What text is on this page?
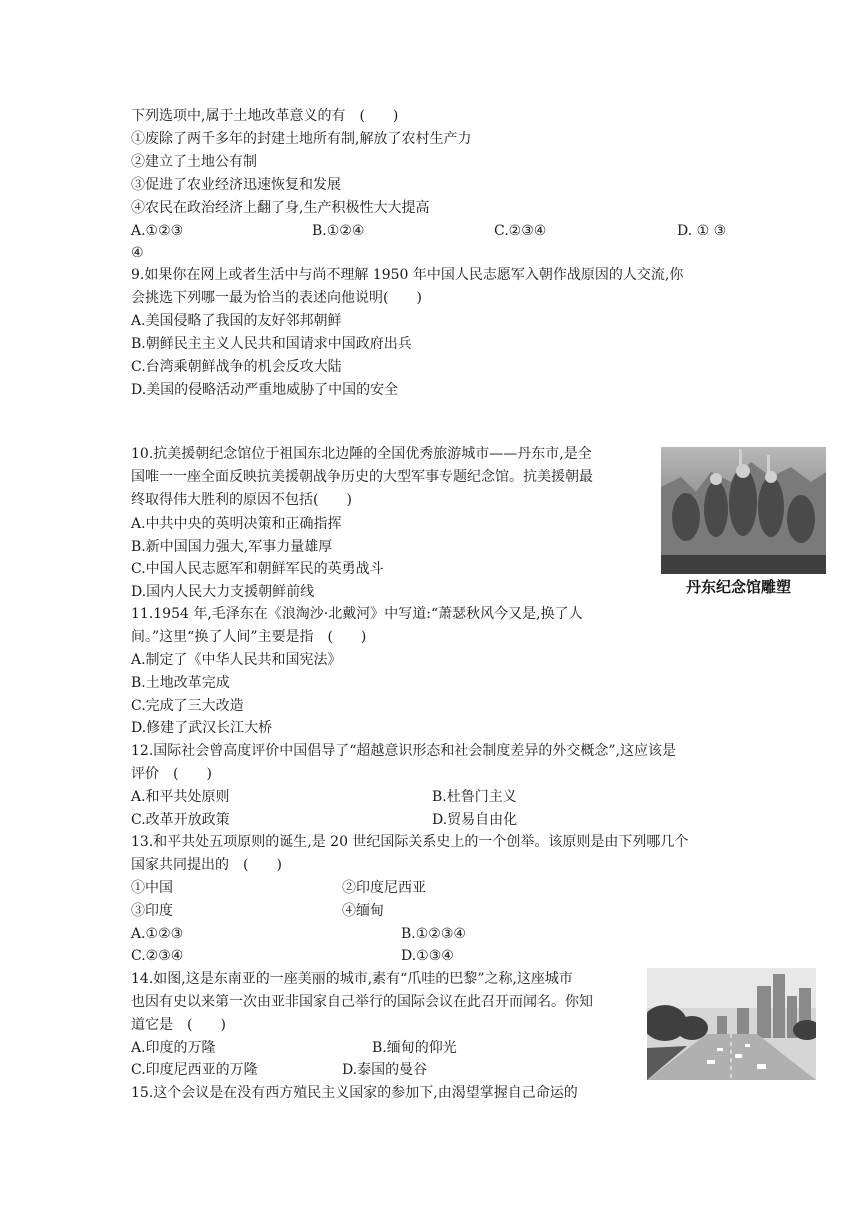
下列选项中,属于土地改革意义的有　(　　)
①废除了两千多年的封建土地所有制,解放了农村生产力
②建立了土地公有制
③促进了农业经济迅速恢复和发展
④农民在政治经济上翻了身,生产积极性大大提高
A.①②③	B.①②④	C.②③④	D. ① ③
④
9.如果你在网上或者生活中与尚不理解 1950 年中国人民志愿军入朝作战原因的人交流,你
会挑选下列哪一最为恰当的表述向他说明(　　)
A.美国侵略了我国的友好邻邦朝鲜
B.朝鲜民主主义人民共和国请求中国政府出兵
C.台湾乘朝鲜战争的机会反攻大陆
D.美国的侵略活动严重地威胁了中国的安全
10.抗美援朝纪念馆位于祖国东北边陲的全国优秀旅游城市——丹东市,是全
国唯一一座全面反映抗美援朝战争历史的大型军事专题纪念馆。抗美援朝最
终取得伟大胜利的原因不包括(　　)
A.中共中央的英明决策和正确指挥
B.新中国国力强大,军事力量雄厚
C.中国人民志愿军和朝鲜军民的英勇战斗
D.国内人民大力支援朝鲜前线	丹东纪念馆雕塑
11.1954 年,毛泽东在《浪淘沙·北戴河》中写道:“萧瑟秋风今又是,换了人
间。”这里“换了人间”主要是指　(　　)
A.制定了《中华人民共和国宪法》
B.土地改革完成
C.完成了三大改造
D.修建了武汉长江大桥
12.国际社会曾高度评价中国倡导了“超越意识形态和社会制度差异的外交概念”,这应该是
评价　(　　)
A.和平共处原则	B.杜鲁门主义
C.改革开放政策	D.贸易自由化
13.和平共处五项原则的诞生,是 20 世纪国际关系史上的一个创举。该原则是由下列哪几个
国家共同提出的　(　　)
①中国	②印度尼西亚
③印度	④缅甸
A.①②③	B.①②③④
C.②③④	D.①③④
14.如图,这是东南亚的一座美丽的城市,素有“爪哇的巴黎”之称,这座城市
也因有史以来第一次由亚非国家自己举行的国际会议在此召开而闻名。你知
道它是　(　　)
A.印度的万隆	B.缅甸的仰光
C.印度尼西亚的万隆	D.泰国的曼谷
15.这个会议是在没有西方殖民主义国家的参加下,由渴望掌握自己命运的
